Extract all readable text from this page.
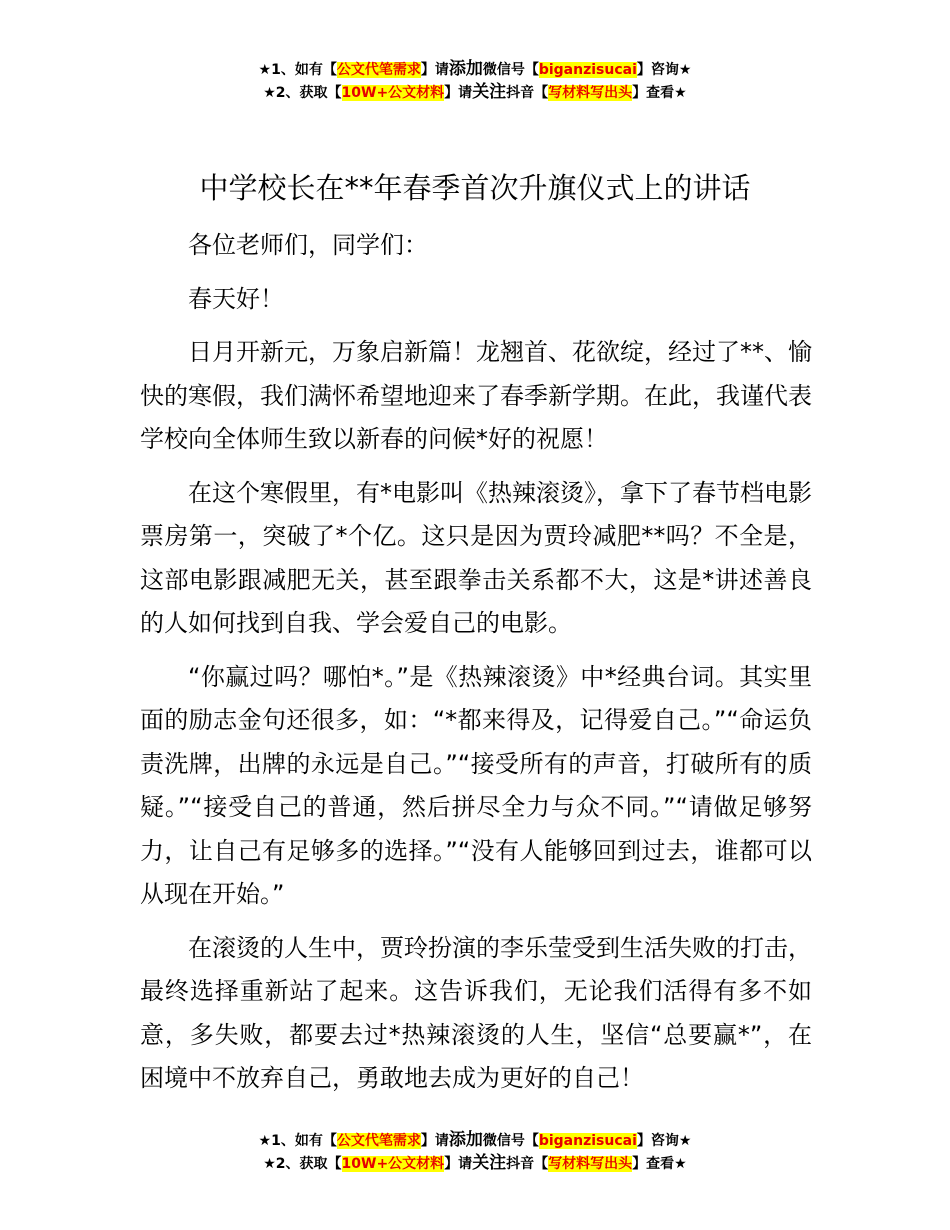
★1、如有【公文代笔需求】请添加微信号【biganzisucai】咨询★
★2、获取【10W+公文材料】请关注抖音【写材料写出头】查看★
中学校长在**年春季首次升旗仪式上的讲话

各位老师们，同学们：

春天好！

日月开新元，万象启新篇！龙翘首、花欲绽，经过了**、愉快的寒假，我们满怀希望地迎来了春季新学期。在此，我谨代表学校向全体师生致以新春的问候*好的祝愿！

在这个寒假里，有*电影叫《热辣滚烫》，拿下了春节档电影票房第一，突破了*个亿。这只是因为贾玲减肥**吗？不全是，这部电影跟减肥无关，甚至跟拳击关系都不大，这是*讲述善良的人如何找到自我、学会爱自己的电影。

“你赢过吗？哪怕*。”是《热辣滚烫》中*经典台词。其实里面的励志金句还很多，如：“*都来得及，记得爱自己。”“命运负责洗牌，出牌的永远是自己。”“接受所有的声音，打破所有的质疑。”“接受自己的普通，然后拼尽全力与众不同。”“请做足够努力，让自己有足够多的选择。”“没有人能够回到过去，谁都可以从现在开始。”

在滚烫的人生中，贾玲扮演的李乐莹受到生活失败的打击，最终选择重新站了起来。这告诉我们，无论我们活得有多不如意，多失败，都要去过*热辣滚烫的人生，坚信“总要赢*”，在困境中不放弃自己，勇敢地去成为更好的自己！

★1、如有【公文代笔需求】请添加微信号【biganzisucai】咨询★
★2、获取【10W+公文材料】请关注抖音【写材料写出头】查看★
